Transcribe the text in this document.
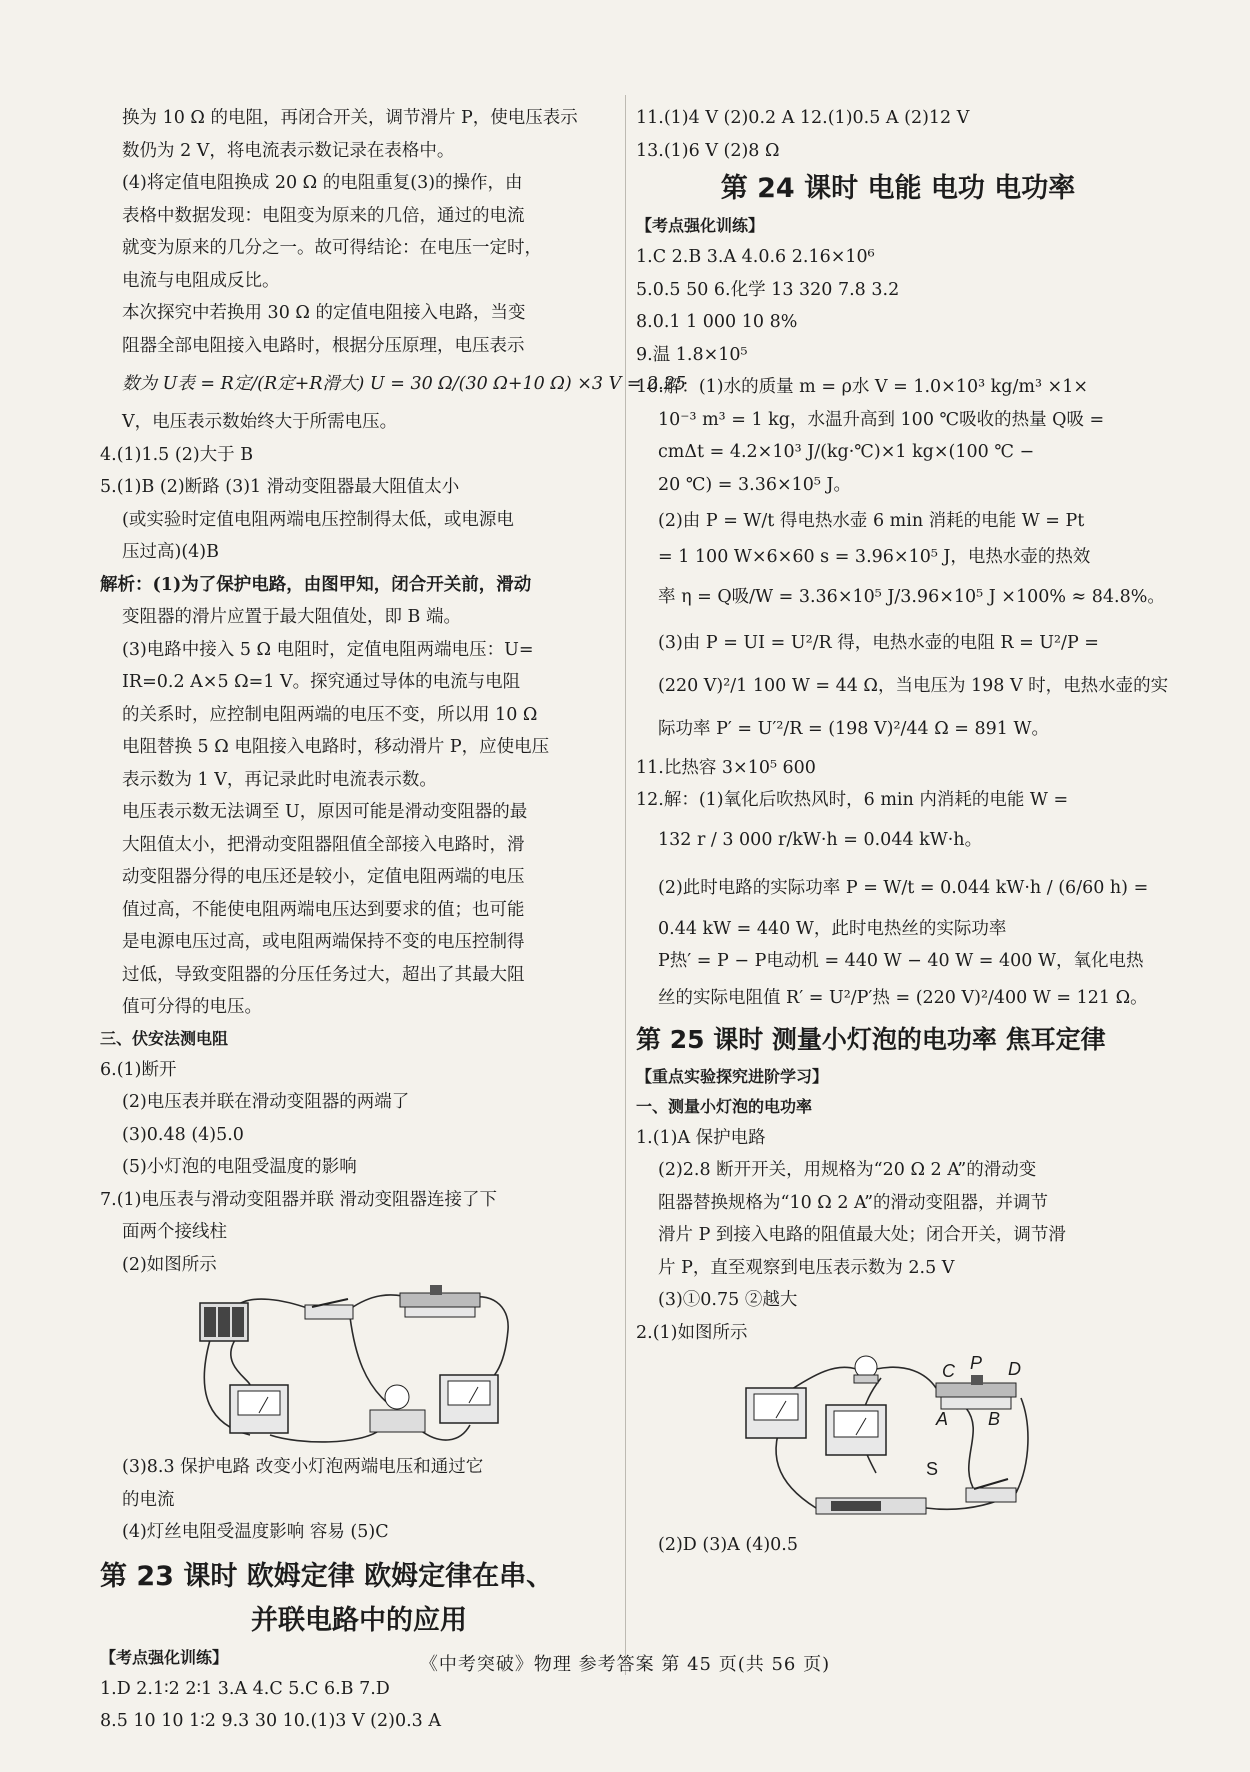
换为 10 Ω 的电阻，再闭合开关，调节滑片 P，使电压表示
数仍为 2 V，将电流表示数记录在表格中。
(4)将定值电阻换成 20 Ω 的电阻重复(3)的操作，由
表格中数据发现：电阻变为原来的几倍，通过的电流
就变为原来的几分之一。故可得结论：在电压一定时，
电流与电阻成反比。
本次探究中若换用 30 Ω 的定值电阻接入电路，当变
阻器全部电阻接入电路时，根据分压原理，电压表示
数为 U表 = R定/(R定+R滑大) U = 30 Ω/(30 Ω+10 Ω) ×3 V = 2.25
V，电压表示数始终大于所需电压。
4.(1)1.5 (2)大于 B
5.(1)B (2)断路 (3)1 滑动变阻器最大阻值太小
(或实验时定值电阻两端电压控制得太低，或电源电
压过高)(4)B
解析：(1)为了保护电路，由图甲知，闭合开关前，滑动
变阻器的滑片应置于最大阻值处，即 B 端。
(3)电路中接入 5 Ω 电阻时，定值电阻两端电压：U=
IR=0.2 A×5 Ω=1 V。探究通过导体的电流与电阻
的关系时，应控制电阻两端的电压不变，所以用 10 Ω
电阻替换 5 Ω 电阻接入电路时，移动滑片 P，应使电压
表示数为 1 V，再记录此时电流表示数。
电压表示数无法调至 U，原因可能是滑动变阻器的最
大阻值太小，把滑动变阻器阻值全部接入电路时，滑
动变阻器分得的电压还是较小，定值电阻两端的电压
值过高，不能使电阻两端电压达到要求的值；也可能
是电源电压过高，或电阻两端保持不变的电压控制得
过低，导致变阻器的分压任务过大，超出了其最大阻
值可分得的电压。
三、伏安法测电阻
6.(1)断开
(2)电压表并联在滑动变阻器的两端了
(3)0.48 (4)5.0
(5)小灯泡的电阻受温度的影响
7.(1)电压表与滑动变阻器并联 滑动变阻器连接了下
面两个接线柱
(2)如图所示
(3)8.3 保护电路 改变小灯泡两端电压和通过它
的电流
(4)灯丝电阻受温度影响 容易 (5)C
第 23 课时 欧姆定律 欧姆定律在串、
并联电路中的应用
【考点强化训练】
1.D 2.1∶2 2∶1 3.A 4.C 5.C 6.B 7.D
8.5 10 10 1∶2 9.3 30 10.(1)3 V (2)0.3 A
11.(1)4 V (2)0.2 A 12.(1)0.5 A (2)12 V
13.(1)6 V (2)8 Ω
第 24 课时 电能 电功 电功率
【考点强化训练】
1.C 2.B 3.A 4.0.6 2.16×10⁶
5.0.5 50 6.化学 13 320 7.8 3.2
8.0.1 1 000 10 8%
9.温 1.8×10⁵
10.解：(1)水的质量 m = ρ水 V = 1.0×10³ kg/m³ ×1×
10⁻³ m³ = 1 kg，水温升高到 100 ℃吸收的热量 Q吸 =
cmΔt = 4.2×10³ J/(kg·℃)×1 kg×(100 ℃ −
20 ℃) = 3.36×10⁵ J。
(2)由 P = W/t 得电热水壶 6 min 消耗的电能 W = Pt
= 1 100 W×6×60 s = 3.96×10⁵ J，电热水壶的热效
率 η = Q吸/W = 3.36×10⁵ J/3.96×10⁵ J ×100% ≈ 84.8%。
(3)由 P = UI = U²/R 得，电热水壶的电阻 R = U²/P =
(220 V)²/1 100 W = 44 Ω，当电压为 198 V 时，电热水壶的实
际功率 P′ = U′²/R = (198 V)²/44 Ω = 891 W。
11.比热容 3×10⁵ 600
12.解：(1)氧化后吹热风时，6 min 内消耗的电能 W =
132 r / 3 000 r/kW·h = 0.044 kW·h。
(2)此时电路的实际功率 P = W/t = 0.044 kW·h / (6/60 h) =
0.44 kW = 440 W，此时电热丝的实际功率
P热′ = P − P电动机 = 440 W − 40 W = 400 W，氧化电热
丝的实际电阻值 R′ = U²/P′热 = (220 V)²/400 W = 121 Ω。
第 25 课时 测量小灯泡的电功率 焦耳定律
【重点实验探究进阶学习】
一、测量小灯泡的电功率
1.(1)A 保护电路
(2)2.8 断开开关，用规格为“20 Ω 2 A”的滑动变
阻器替换规格为“10 Ω 2 A”的滑动变阻器，并调节
滑片 P 到接入电路的阻值最大处；闭合开关，调节滑
片 P，直至观察到电压表示数为 2.5 V
(3)①0.75 ②越大
2.(1)如图所示
C P D
A B
S
(2)D (3)A (4)0.5
《中考突破》物理 参考答案 第 45 页(共 56 页)
